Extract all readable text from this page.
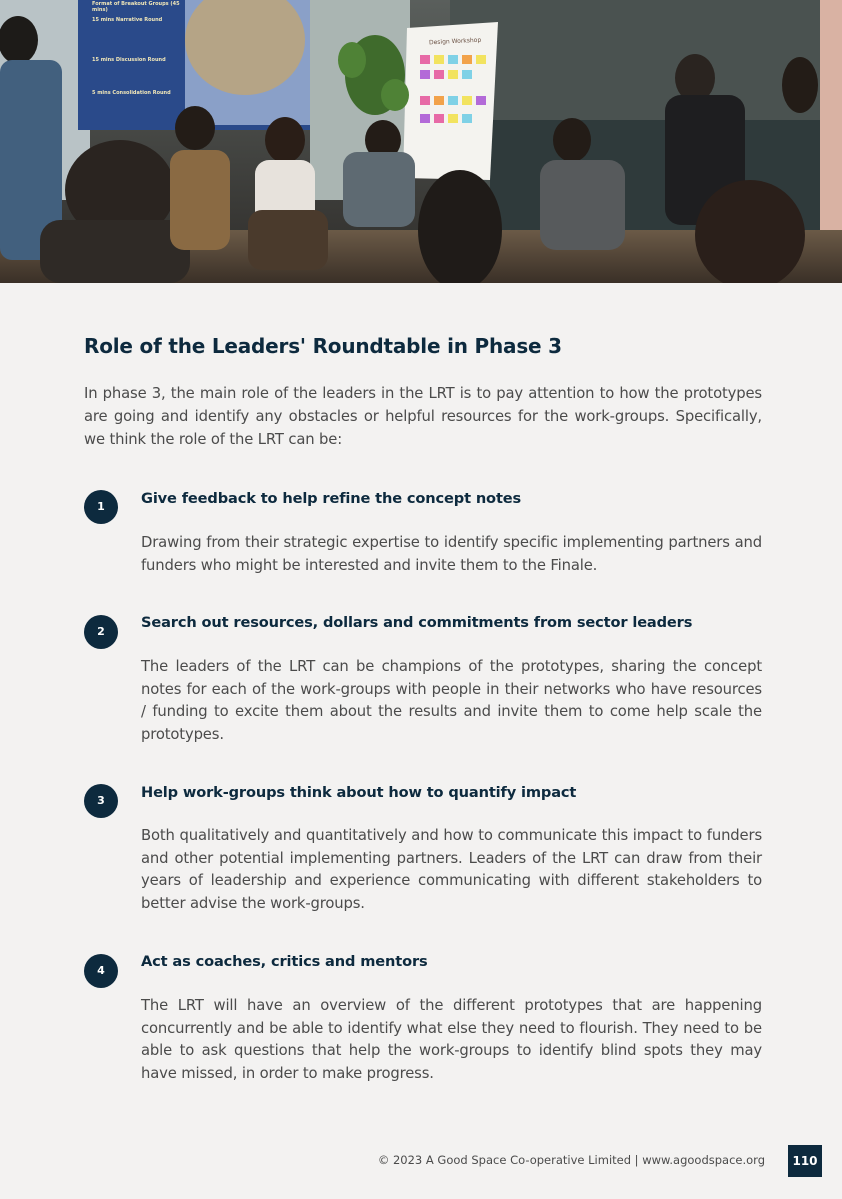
Format of Breakout Groups (45 mins)
15 mins Narrative Round
15 mins Discussion Round
5 mins Consolidation Round
Design Workshop
Role of the Leaders' Roundtable in Phase 3

In phase 3, the main role of the leaders in the LRT is to pay attention to how the prototypes are going and identify any obstacles or helpful resources for the work-groups. Specifically, we think the role of the LRT can be:

1	Give feedback to help refine the concept notes

Drawing from their strategic expertise to identify specific implementing partners and funders who might be interested and invite them to the Finale.

2
Search out resources, dollars and commitments from sector leaders

The leaders of the LRT can be champions of the prototypes, sharing the concept notes for each of the work-groups with people in their networks who have resources / funding to excite them about the results and invite them to come help scale the prototypes.

3	Help work-groups think about how to quantify impact

Both qualitatively and quantitatively and how to communicate this impact to funders and other potential implementing partners. Leaders of the LRT can draw from their years of leadership and experience communicating with different stakeholders to better advise the work-groups.

4
Act as coaches, critics and mentors

The LRT will have an overview of the different prototypes that are happening concurrently and be able to identify what else they need to flourish. They need to be able to ask questions that help the work-groups to identify blind spots they may have missed, in order to make progress.

© 2023 A Good Space Co-operative Limited | www.agoodspace.org	110
